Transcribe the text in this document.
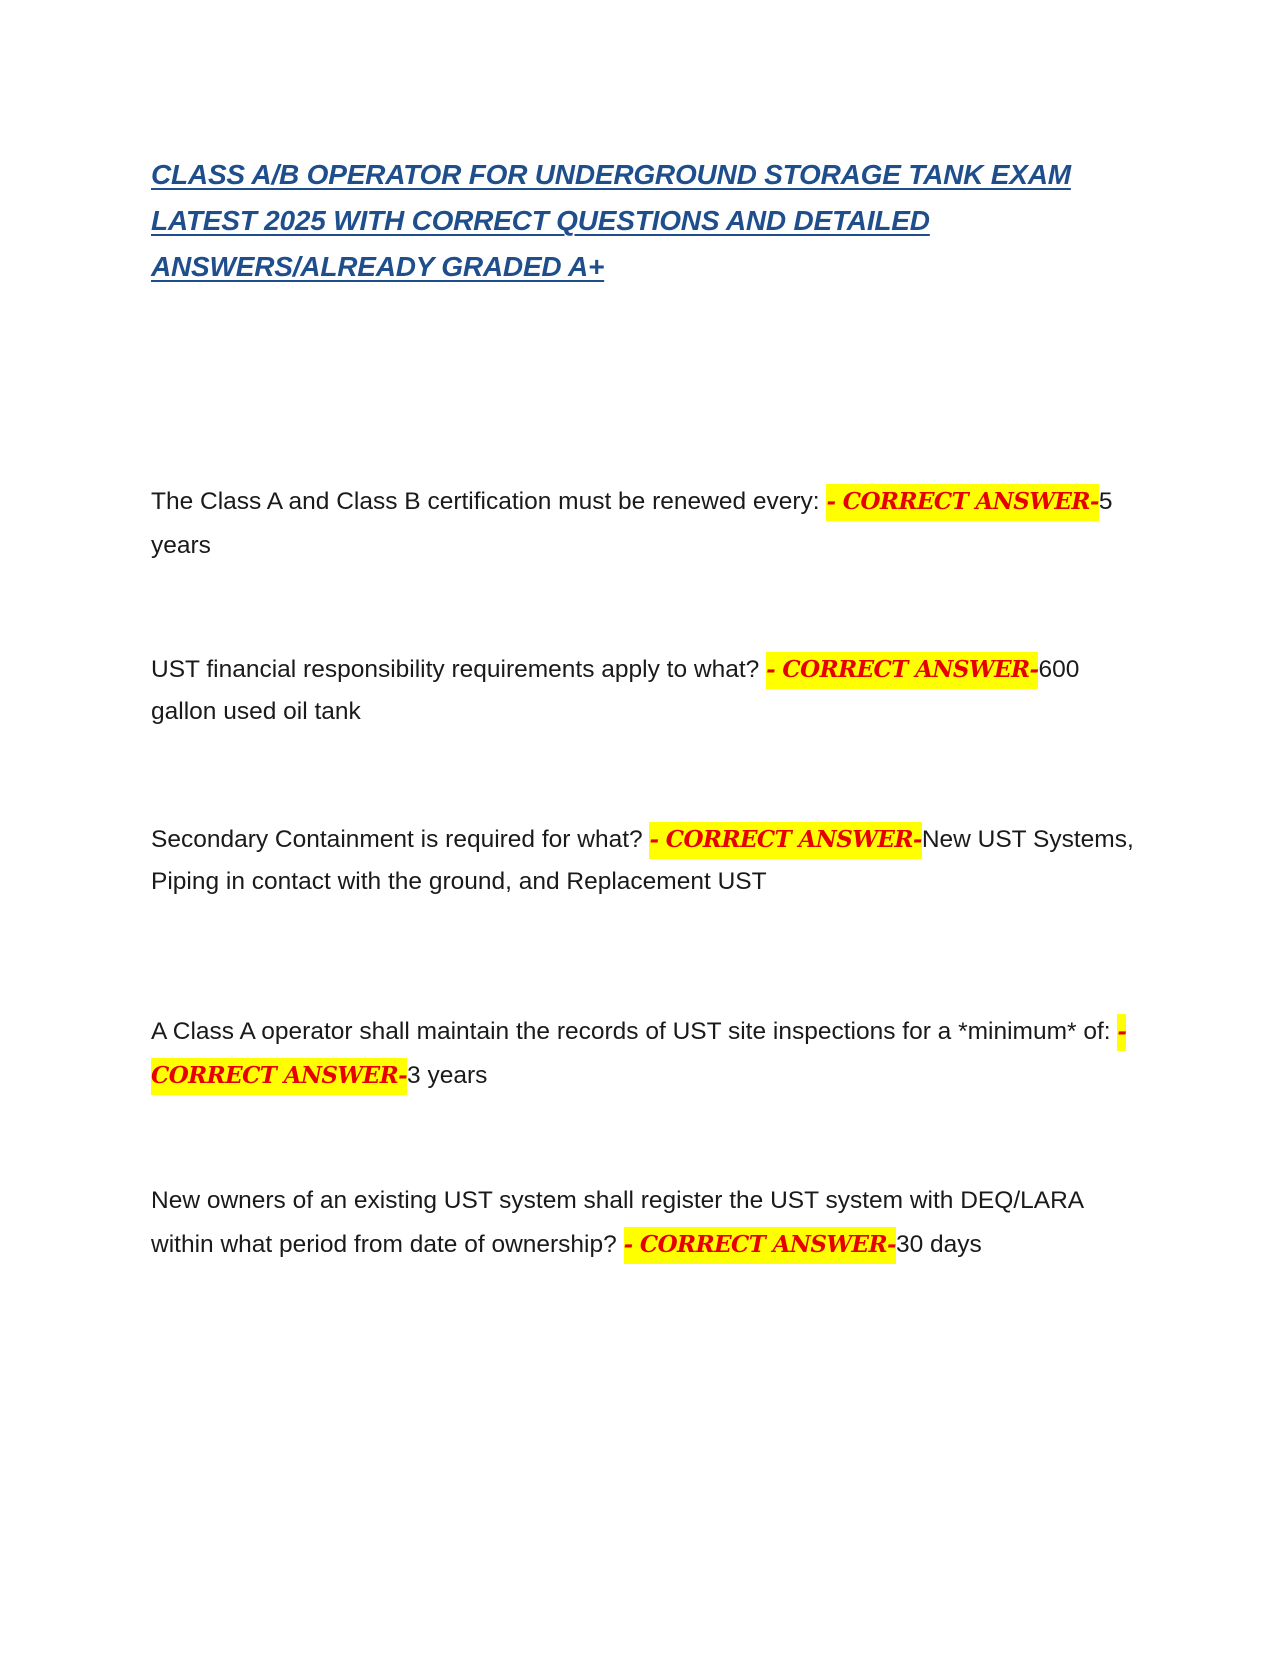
CLASS A/B OPERATOR FOR UNDERGROUND STORAGE TANK EXAM LATEST 2025 WITH CORRECT QUESTIONS AND DETAILED ANSWERS/ALREADY GRADED A+

The Class A and Class B certification must be renewed every: - CORRECT ANSWER-5 years

UST financial responsibility requirements apply to what? - CORRECT ANSWER-600 gallon used oil tank

Secondary Containment is required for what? - CORRECT ANSWER-New UST Systems, Piping in contact with the ground, and Replacement UST

A Class A operator shall maintain the records of UST site inspections for a *minimum* of: - CORRECT ANSWER-3 years

New owners of an existing UST system shall register the UST system with DEQ/LARA within what period from date of ownership? - CORRECT ANSWER-30 days
